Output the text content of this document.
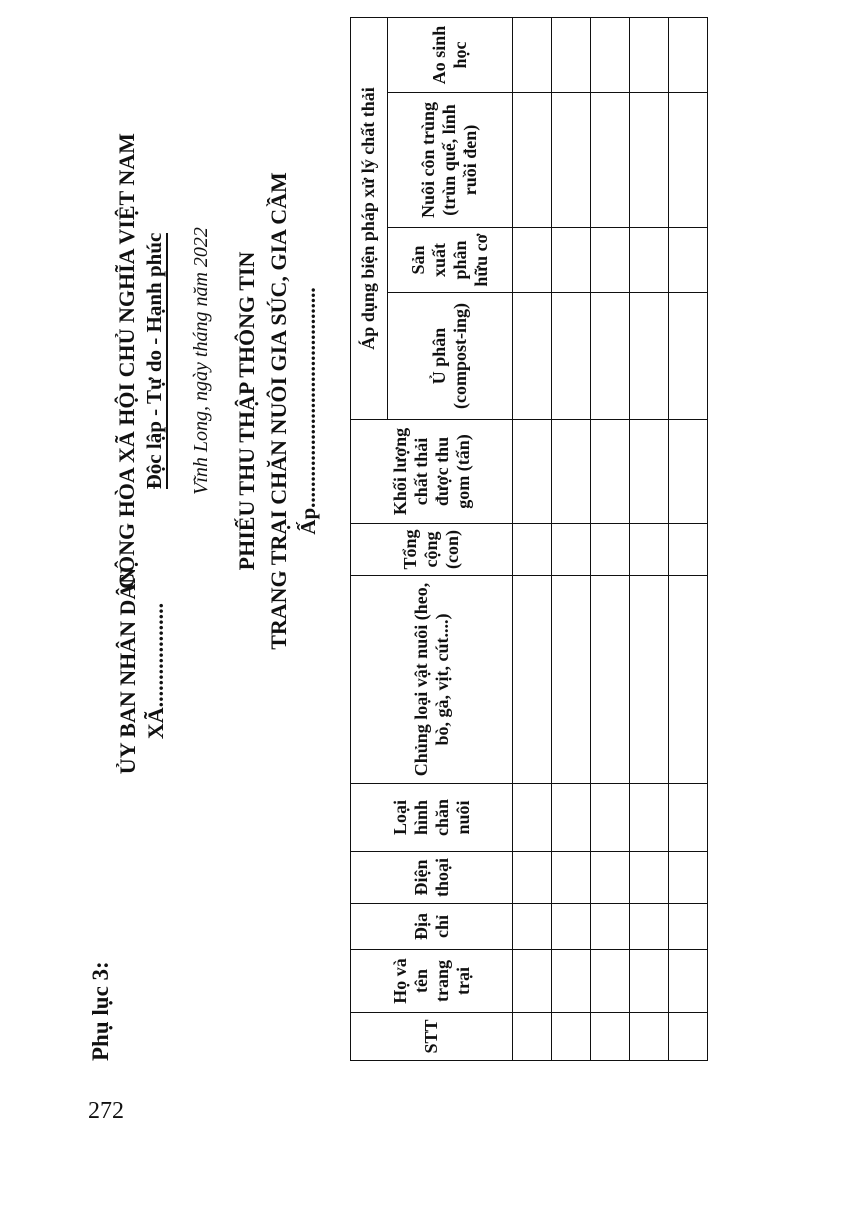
272
Phụ lục 3:
ỦY BAN NHÂN DÂN XÃ...................
CỘNG HÒA XÃ HỘI CHỦ NGHĨA VIỆT NAM Độc lập - Tự do - Hạnh phúc Vĩnh Long, ngày tháng năm 2022 PHIẾU THU THẬP THÔNG TIN TRANG TRẠI CHĂN NUÔI GIA SÚC, GIA CẦM Ấp..........................................
STT	Họ và tên trang trại	Địa chỉ	Điện thoại	Loại hình chăn nuôi	Chủng loại vật nuôi (heo, bò, gà, vịt, cút....)	Tổng cộng (con)	Khối lượng chất thải được thu gom (tấn)	Áp dụng biện pháp xử lý chất thải			
								Ủ phân (compost-ing)	Sản xuất phân hữu cơ	Nuôi côn trùng (trùn quế, lính ruồi đen)	Ao sinh học
